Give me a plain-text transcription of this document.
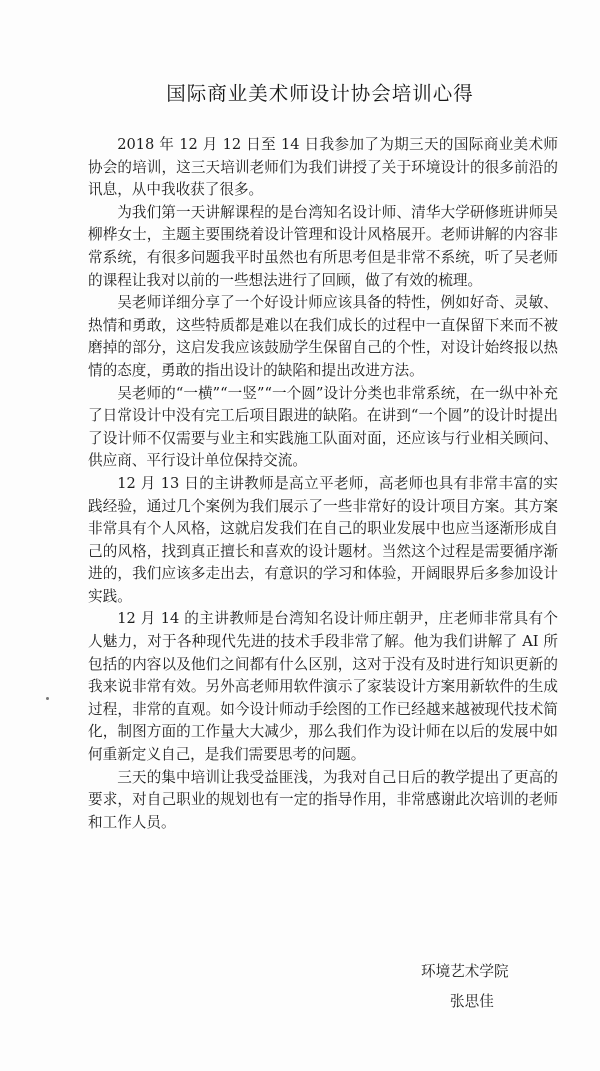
国际商业美术师设计协会培训心得

2018 年 12 月 12 日至 14 日我参加了为期三天的国际商业美术师协会的培训，这三天培训老师们为我们讲授了关于环境设计的很多前沿的讯息，从中我收获了很多。

为我们第一天讲解课程的是台湾知名设计师、清华大学研修班讲师吴柳桦女士，主题主要围绕着设计管理和设计风格展开。老师讲解的内容非常系统，有很多问题我平时虽然也有所思考但是非常不系统，听了吴老师的课程让我对以前的一些想法进行了回顾，做了有效的梳理。

吴老师详细分享了一个好设计师应该具备的特性，例如好奇、灵敏、热情和勇敢，这些特质都是难以在我们成长的过程中一直保留下来而不被磨掉的部分，这启发我应该鼓励学生保留自己的个性，对设计始终报以热情的态度，勇敢的指出设计的缺陷和提出改进方法。

吴老师的“一横”“一竖”“一个圆”设计分类也非常系统，在一纵中补充了日常设计中没有完工后项目跟进的缺陷。在讲到“一个圆”的设计时提出了设计师不仅需要与业主和实践施工队面对面，还应该与行业相关顾问、供应商、平行设计单位保持交流。

12 月 13 日的主讲教师是高立平老师，高老师也具有非常丰富的实践经验，通过几个案例为我们展示了一些非常好的设计项目方案。其方案非常具有个人风格，这就启发我们在自己的职业发展中也应当逐渐形成自己的风格，找到真正擅长和喜欢的设计题材。当然这个过程是需要循序渐进的，我们应该多走出去，有意识的学习和体验，开阔眼界后多参加设计实践。

12 月 14 的主讲教师是台湾知名设计师庄朝尹，庄老师非常具有个人魅力，对于各种现代先进的技术手段非常了解。他为我们讲解了 AI 所包括的内容以及他们之间都有什么区别，这对于没有及时进行知识更新的我来说非常有效。另外高老师用软件演示了家装设计方案用新软件的生成过程，非常的直观。如今设计师动手绘图的工作已经越来越被现代技术简化，制图方面的工作量大大减少，那么我们作为设计师在以后的发展中如何重新定义自己，是我们需要思考的问题。

三天的集中培训让我受益匪浅，为我对自己日后的教学提出了更高的要求，对自己职业的规划也有一定的指导作用，非常感谢此次培训的老师和工作人员。

环境艺术学院
张思佳
